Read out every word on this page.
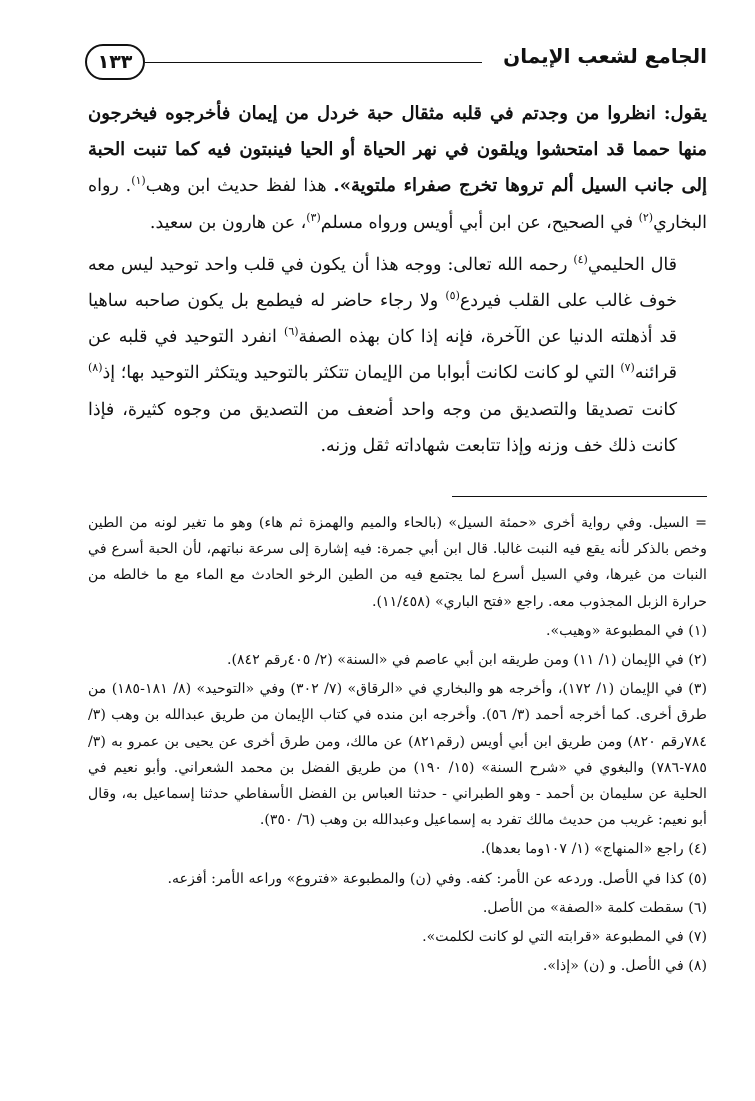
الجامع لشعب الإيمان
١٣٣

يقول: انظروا من وجدتم في قلبه مثقال حبة خردل من إيمان فأخرجوه فيخرجون منها حمما قد امتحشوا ويلقون في نهر الحياة أو الحيا فينبتون فيه كما تنبت الحبة إلى جانب السيل ألم تروها تخرج صفراء ملتوية». هذا لفظ حديث ابن وهب$^{(١)}$. رواه البخاري$^{(٢)}$ في الصحيح، عن ابن أبي أويس ورواه مسلم$^{(٣)}$، عن هارون بن سعيد.

قال الحليمي$^{(٤)}$ رحمه الله تعالى: ووجه هذا أن يكون في قلب واحد توحيد ليس معه خوف غالب على القلب فيردع$^{(٥)}$ ولا رجاء حاضر له فيطمع بل يكون صاحبه ساهيا قد أذهلته الدنيا عن الآخرة، فإنه إذا كان بهذه الصفة$^{(٦)}$ انفرد التوحيد في قلبه عن قرائنه$^{(٧)}$ التي لو كانت لكانت أبوابا من الإيمان تتكثر بالتوحيد ويتكثر التوحيد بها؛ إذ$^{(٨)}$ كانت تصديقا والتصديق من وجه واحد أضعف من التصديق من وجوه كثيرة، فإذا كانت ذلك خف وزنه وإذا تتابعت شهاداته ثقل وزنه.

= السيل. وفي رواية أخرى «حمئة السيل» (بالحاء والميم والهمزة ثم هاء) وهو ما تغير لونه من الطين وخص بالذكر لأنه يقع فيه النبت غالبا. قال ابن أبي جمرة: فيه إشارة إلى سرعة نباتهم، لأن الحبة أسرع في النبات من غيرها، وفي السيل أسرع لما يجتمع فيه من الطين الرخو الحادث مع الماء مع ما خالطه من حرارة الزبل المجذوب معه. راجع «فتح الباري» (١١/٤٥٨).

(١) في المطبوعة «وهيب».

(٢) في الإيمان (١/ ١١) ومن طريقه ابن أبي عاصم في «السنة» (٢/ ٤٠٥رقم ٨٤٢).

(٣) في الإيمان (١/ ١٧٢)، وأخرجه هو والبخاري في «الرقاق» (٧/ ٣٠٢) وفي «التوحيد» (٨/ ١٨١-١٨٥) من طرق أخرى. كما أخرجه أحمد (٣/ ٥٦). وأخرجه ابن منده في كتاب الإيمان من طريق عبدالله بن وهب (٣/ ٧٨٤رقم ٨٢٠) ومن طريق ابن أبي أويس (رقم٨٢١) عن مالك، ومن طرق أخرى عن يحيى بن عمرو به (٣/ ٧٨٥-٧٨٦) والبغوي في «شرح السنة» (١٥/ ١٩٠) من طريق الفضل بن محمد الشعراني. وأبو نعيم في الحلية عن سليمان بن أحمد - وهو الطبراني - حدثنا العباس بن الفضل الأسفاطي حدثنا إسماعيل به، وقال أبو نعيم: غريب من حديث مالك تفرد به إسماعيل وعبدالله بن وهب (٦/ ٣٥٠).

(٤) راجع «المنهاج» (١/ ١٠٧وما بعدها).

(٥) كذا في الأصل. وردعه عن الأمر: كفه. وفي (ن) والمطبوعة «فتروع» وراعه الأمر: أفزعه.

(٦) سقطت كلمة «الصفة» من الأصل.

(٧) في المطبوعة «قرابته التي لو كانت لكلمت».

(٨) في الأصل. و (ن) «إذا».
